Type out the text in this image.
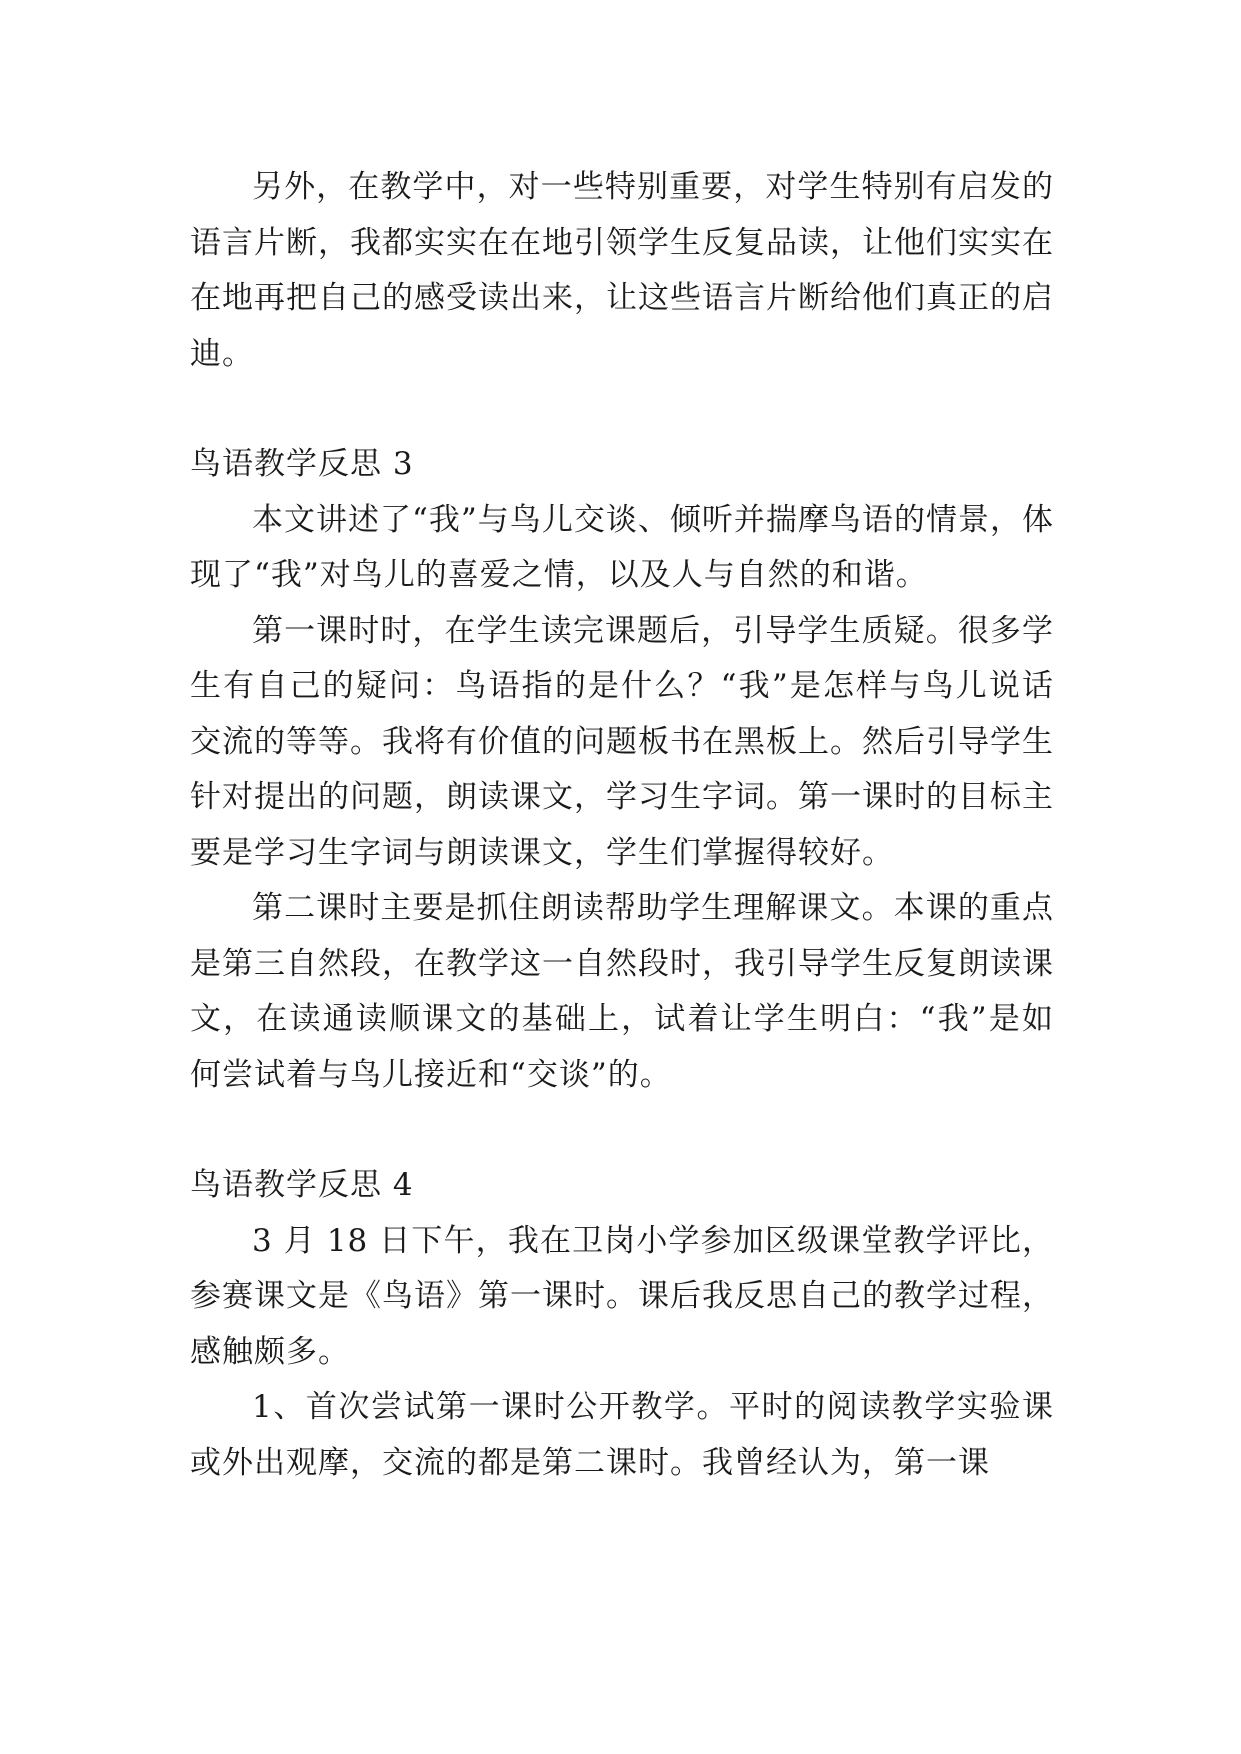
另外，在教学中，对一些特别重要，对学生特别有启发的语言片断，我都实实在在地引领学生反复品读，让他们实实在在地再把自己的感受读出来，让这些语言片断给他们真正的启迪。

鸟语教学反思 3

本文讲述了“我”与鸟儿交谈、倾听并揣摩鸟语的情景，体现了“我”对鸟儿的喜爱之情，以及人与自然的和谐。

第一课时时，在学生读完课题后，引导学生质疑。很多学生有自己的疑问：鸟语指的是什么？“我”是怎样与鸟儿说话交流的等等。我将有价值的问题板书在黑板上。然后引导学生针对提出的问题，朗读课文，学习生字词。第一课时的目标主要是学习生字词与朗读课文，学生们掌握得较好。

第二课时主要是抓住朗读帮助学生理解课文。本课的重点是第三自然段，在教学这一自然段时，我引导学生反复朗读课文，在读通读顺课文的基础上，试着让学生明白：“我”是如何尝试着与鸟儿接近和“交谈”的。

鸟语教学反思 4

3 月 18 日下午，我在卫岗小学参加区级课堂教学评比，参赛课文是《鸟语》第一课时。课后我反思自己的教学过程，感触颇多。

1、首次尝试第一课时公开教学。平时的阅读教学实验课或外出观摩，交流的都是第二课时。我曾经认为，第一课
